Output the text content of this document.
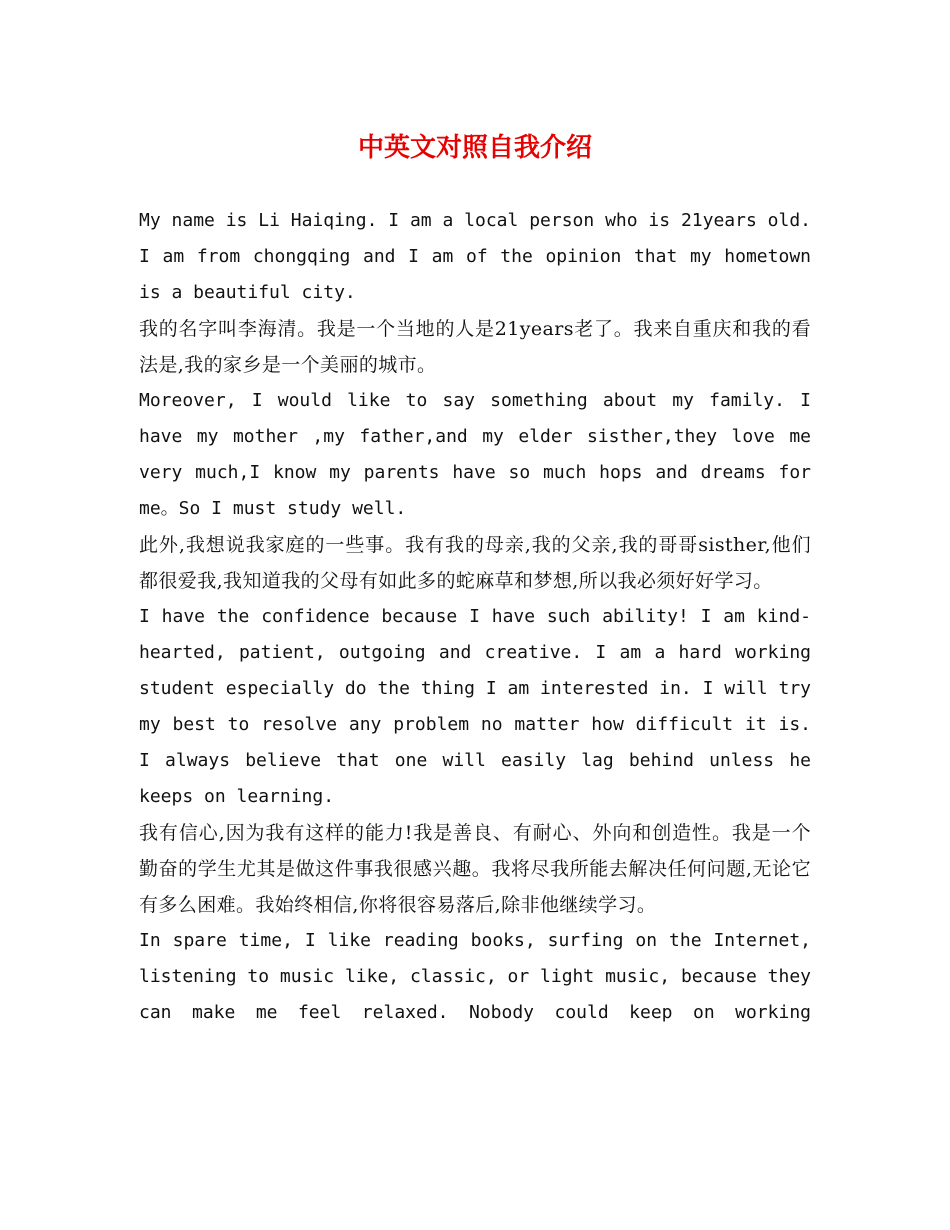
中英文对照自我介绍

My name is Li Haiqing. I am a local person who is 21years old. I am from chongqing and I am of the opinion that my hometown is a beautiful city.

我的名字叫李海清。我是一个当地的人是21years老了。我来自重庆和我的看法是,我的家乡是一个美丽的城市。

Moreover, I would like to say something about my family. I have my mother ,my father,and my elder sisther,they love me very much,I know my parents have so much hops and dreams for me。So I must study well.

此外,我想说我家庭的一些事。我有我的母亲,我的父亲,我的哥哥sisther,他们都很爱我,我知道我的父母有如此多的蛇麻草和梦想,所以我必须好好学习。

I have the confidence because I have such ability! I am kind-hearted, patient, outgoing and creative. I am a hard working student especially do the thing I am interested in. I will try my best to resolve any problem no matter how difficult it is. I always believe that one will easily lag behind unless he keeps on learning.

我有信心,因为我有这样的能力!我是善良、有耐心、外向和创造性。我是一个勤奋的学生尤其是做这件事我很感兴趣。我将尽我所能去解决任何问题,无论它有多么困难。我始终相信,你将很容易落后,除非他继续学习。

In spare time, I like reading books, surfing on the Internet, listening to music like, classic, or light music, because they can make me feel relaxed. Nobody could keep on working
